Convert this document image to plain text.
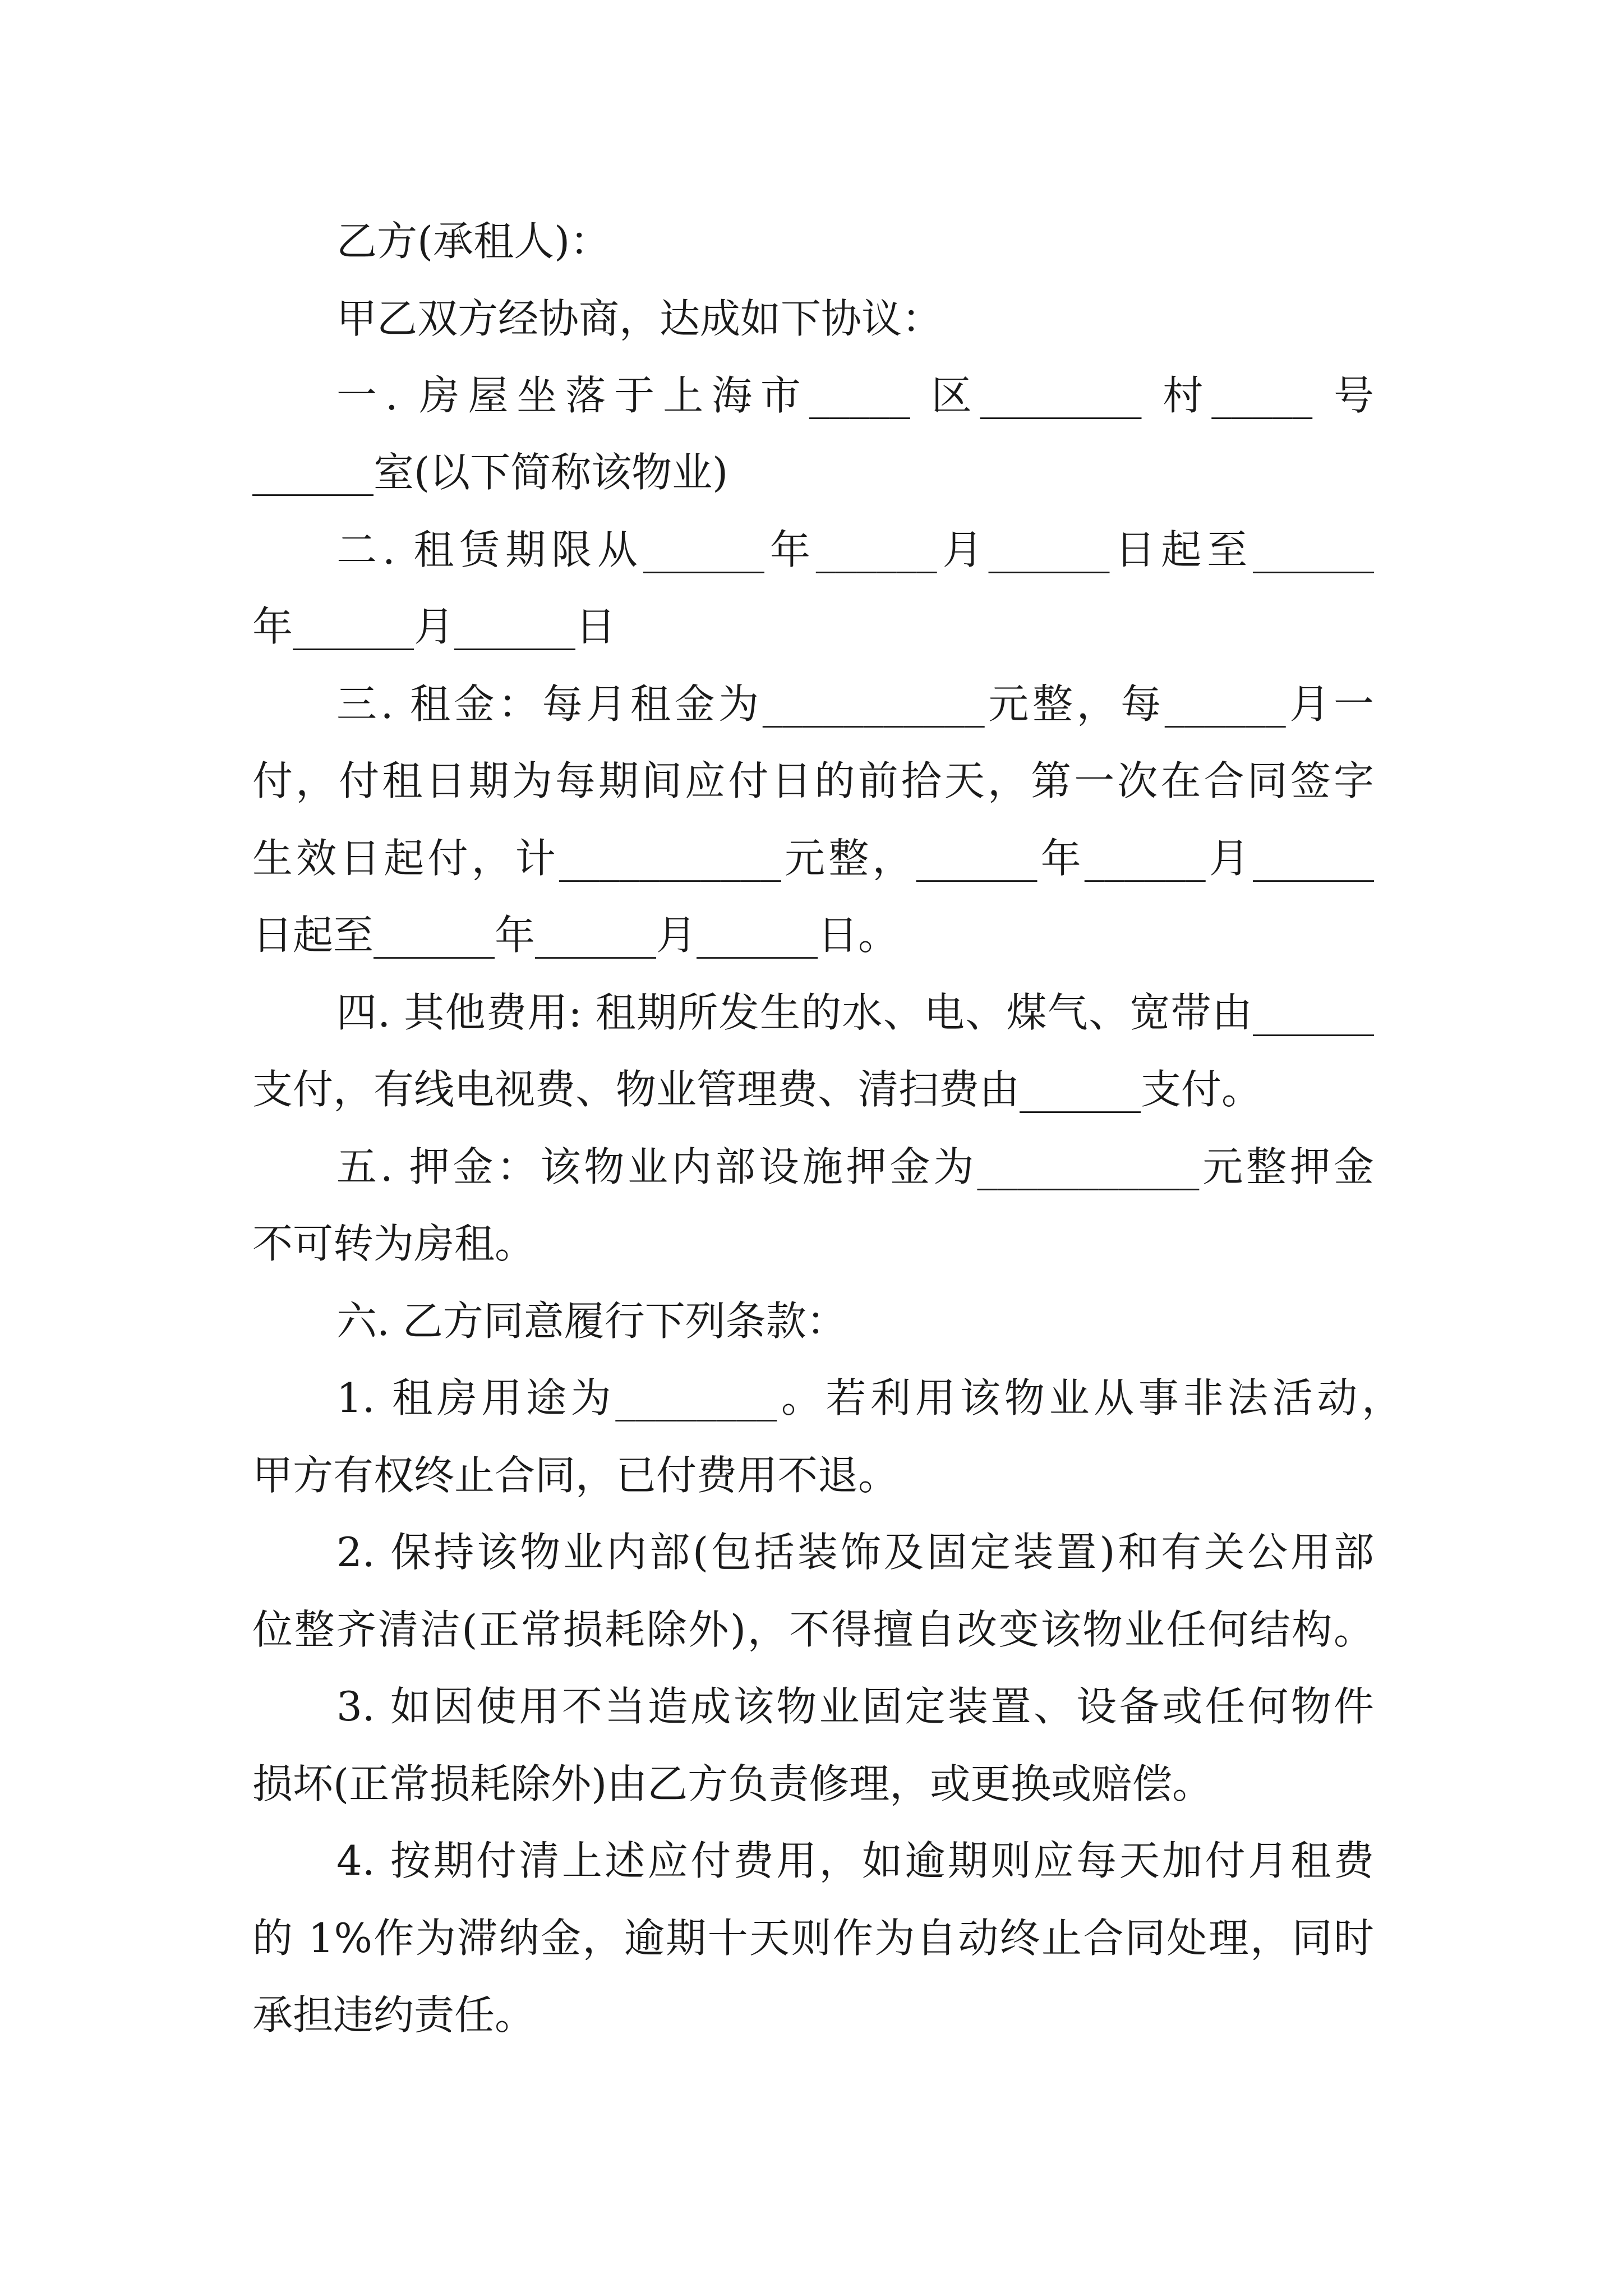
乙方(承租人)：
甲乙双方经协商，达成如下协议：
一. 房屋坐落于上海市_____ 区________ 村_____ 号
______室(以下简称该物业)
二. 租赁期限从______年______月______日起至______
年______月______日
三. 租金：每月租金为___________元整，每______月一
付，付租日期为每期间应付日的前拾天，第一次在合同签字
生效日起付，计___________元整，______年______月______
日起至______年______月______日。
四. 其他费用: 租期所发生的水、电、煤气、宽带由______
支付，有线电视费、物业管理费、清扫费由______支付。
五. 押金：该物业内部设施押金为___________元整押金
不可转为房租。
六. 乙方同意履行下列条款：
1. 租房用途为________。若利用该物业从事非法活动，
甲方有权终止合同，已付费用不退。
2. 保持该物业内部(包括装饰及固定装置)和有关公用部
位整齐清洁(正常损耗除外)，不得擅自改变该物业任何结构。
3. 如因使用不当造成该物业固定装置、设备或任何物件
损坏(正常损耗除外)由乙方负责修理，或更换或赔偿。
4. 按期付清上述应付费用，如逾期则应每天加付月租费
的 1%作为滞纳金，逾期十天则作为自动终止合同处理，同时
承担违约责任。
